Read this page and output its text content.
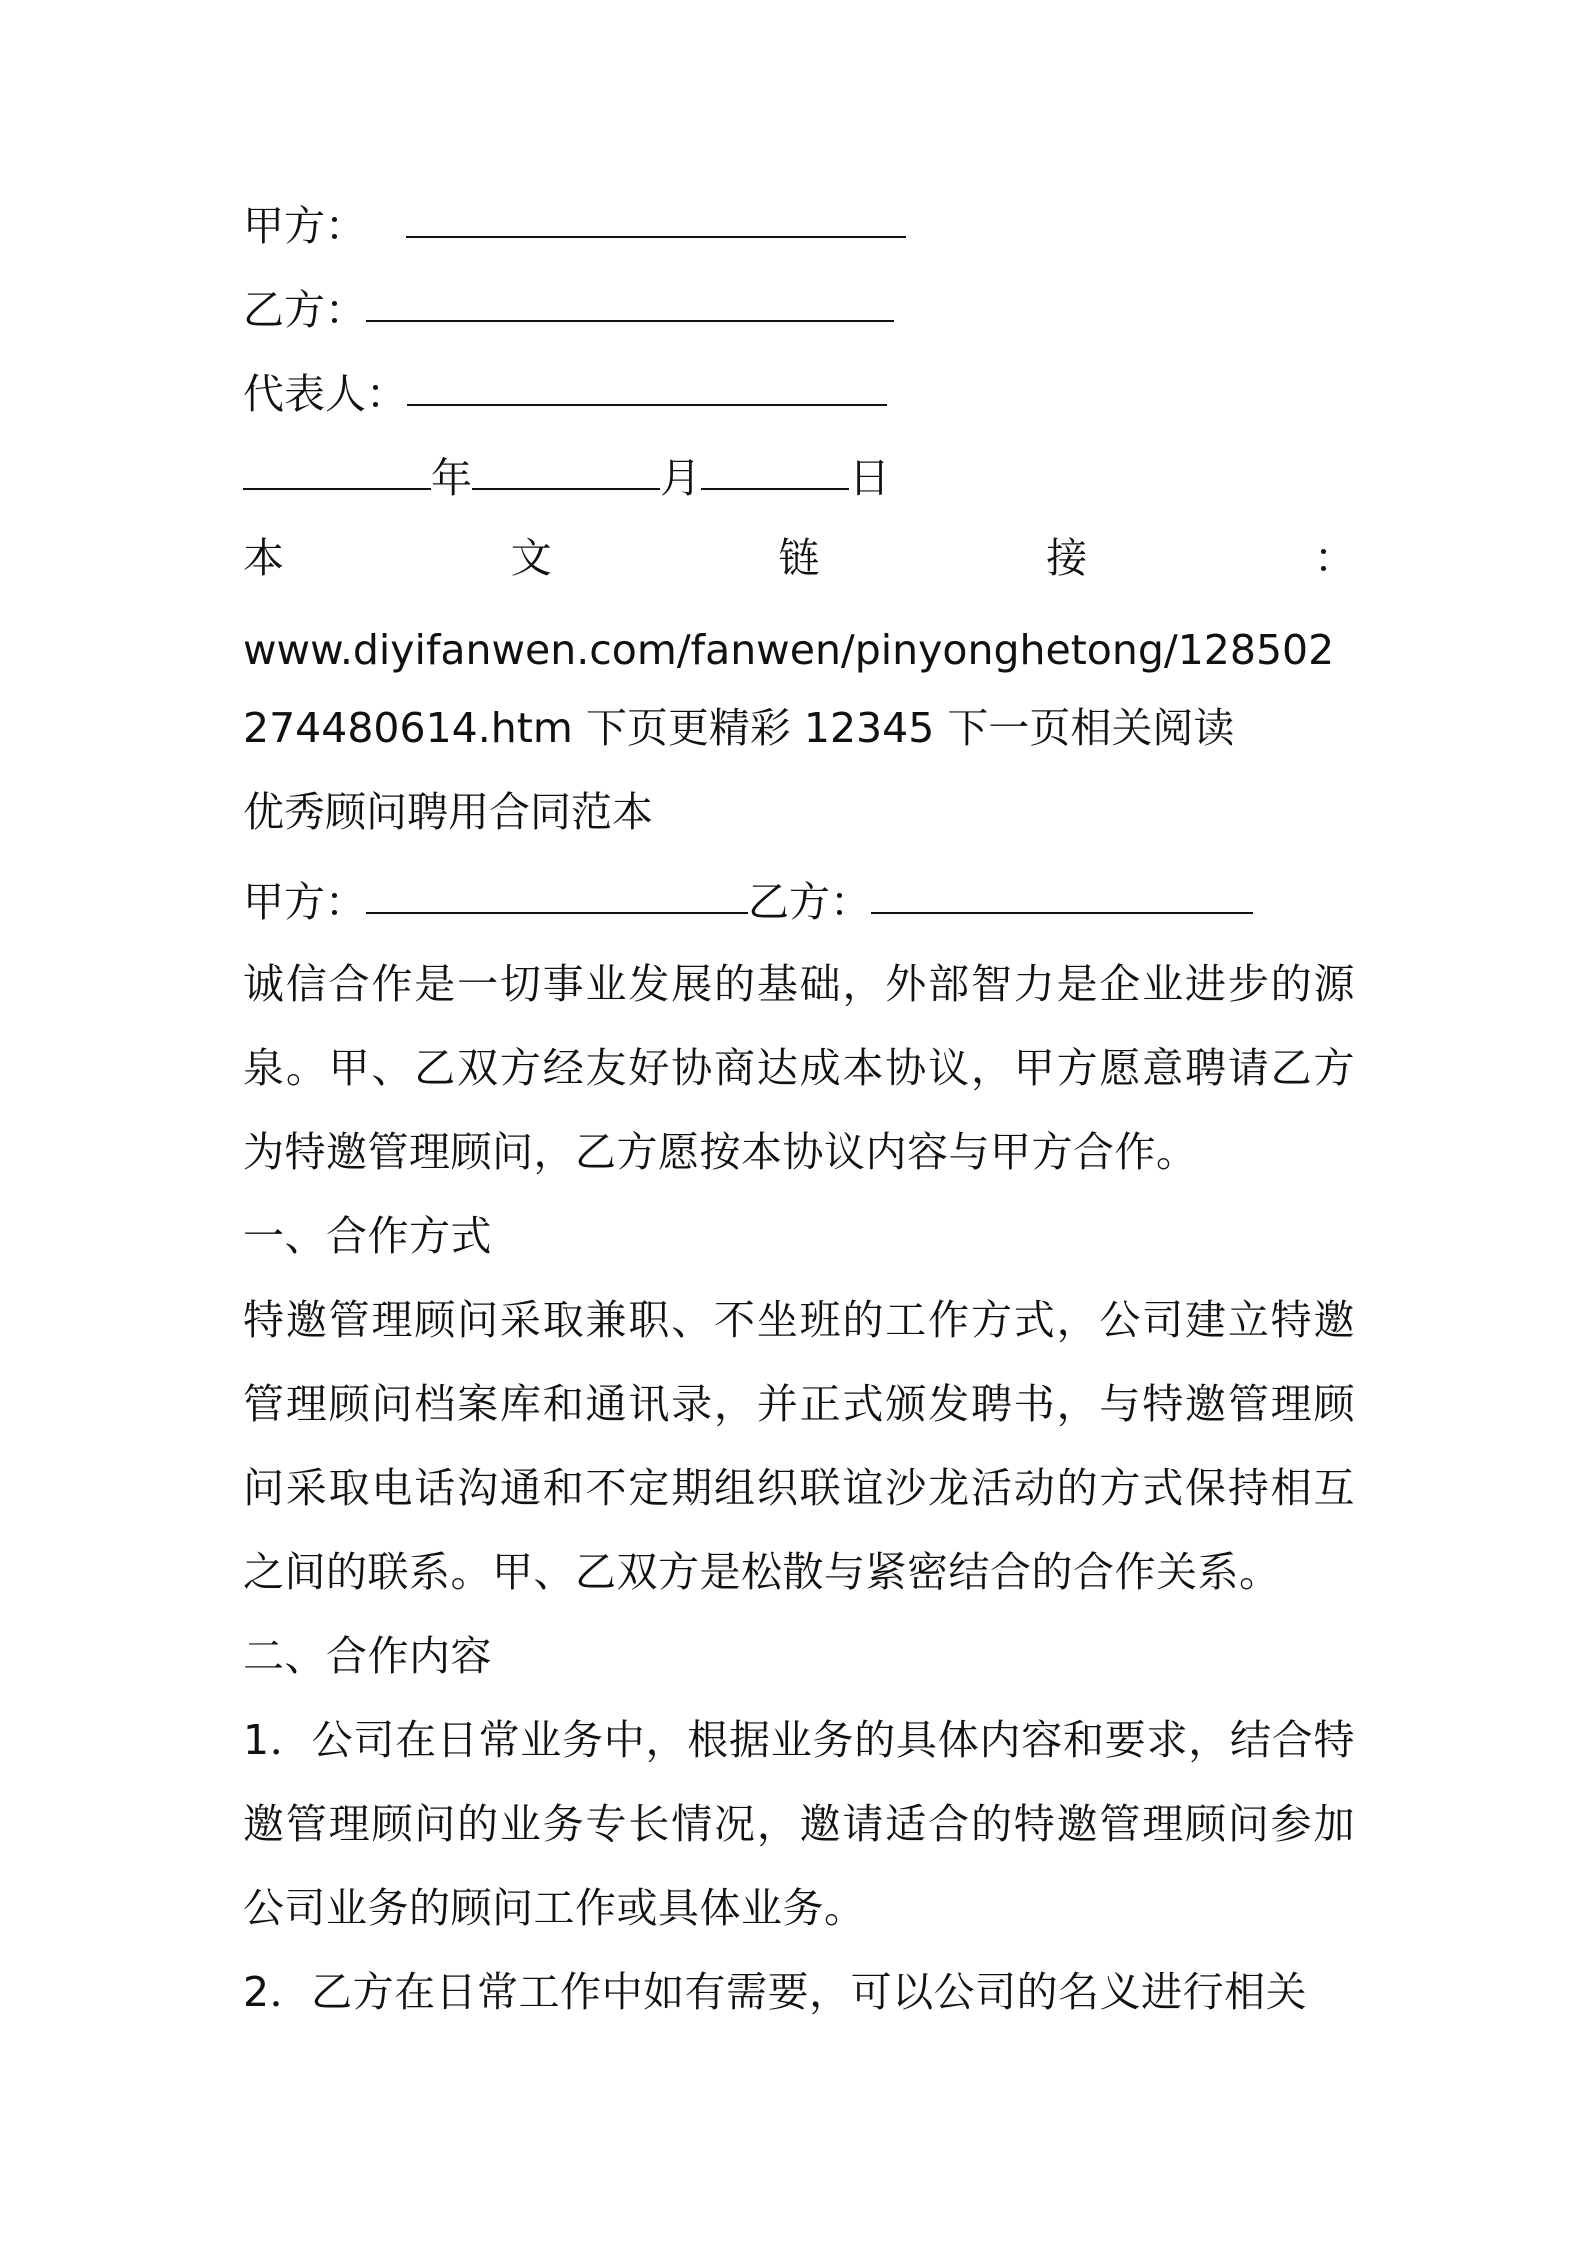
甲方：
乙方：
代表人：
年	月	日
本	文	链	接	：
www.diyifanwen.com/fanwen/pinyonghetong/128502
274480614.htm 下页更精彩 12345 下一页相关阅读
优秀顾问聘用合同范本
甲方：	乙方：
诚信合作是一切事业发展的基础，外部智力是企业进步的源泉。甲、乙双方经友好协商达成本协议，甲方愿意聘请乙方为特邀管理顾问，乙方愿按本协议内容与甲方合作。
一、合作方式
特邀管理顾问采取兼职、不坐班的工作方式，公司建立特邀管理顾问档案库和通讯录，并正式颁发聘书，与特邀管理顾问采取电话沟通和不定期组织联谊沙龙活动的方式保持相互之间的联系。甲、乙双方是松散与紧密结合的合作关系。
二、合作内容
1．公司在日常业务中，根据业务的具体内容和要求，结合特邀管理顾问的业务专长情况，邀请适合的特邀管理顾问参加公司业务的顾问工作或具体业务。
2．乙方在日常工作中如有需要，可以公司的名义进行相关
